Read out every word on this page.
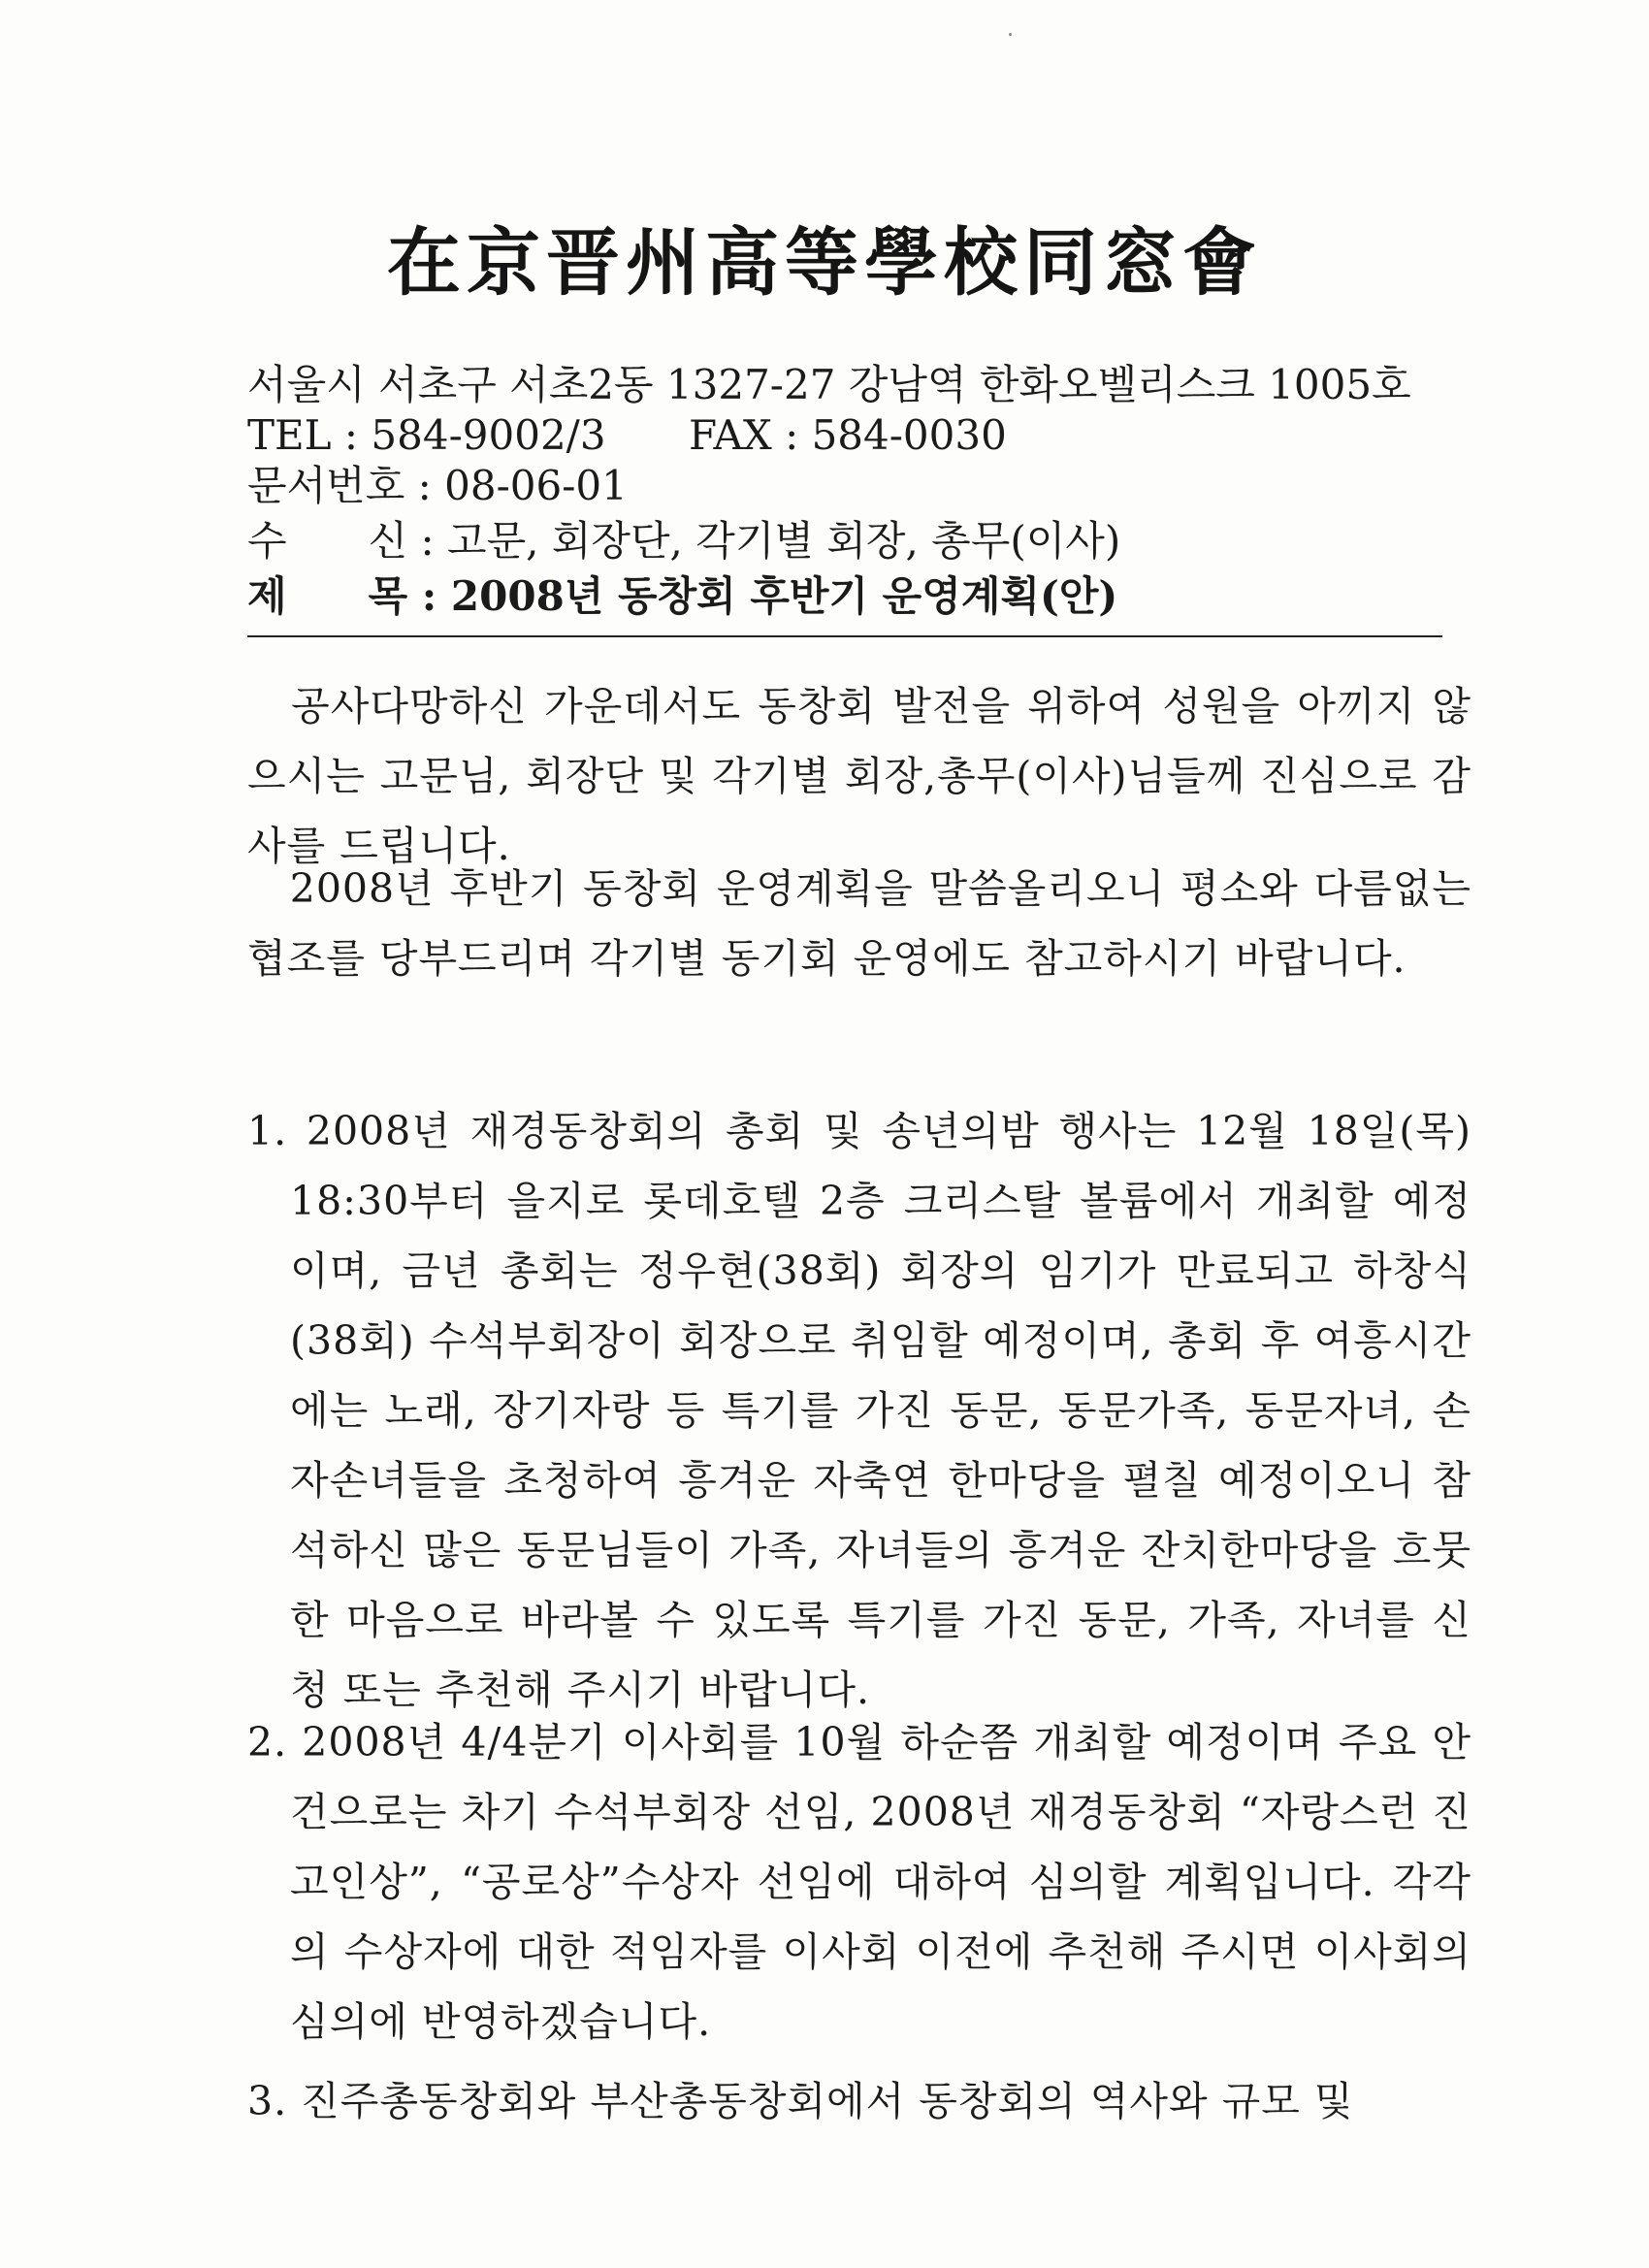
在京晋州高等學校同窓會
서울시 서초구 서초2동 1327-27 강남역 한화오벨리스크 1005호
TEL : 584-9002/3 FAX : 584-0030
문서번호 : 08-06-01
수　　신 : 고문, 회장단, 각기별 회장, 총무(이사)
제　　목 : 2008년 동창회 후반기 운영계획(안)
　공사다망하신 가운데서도 동창회 발전을 위하여 성원을 아끼지 않으시는 고문님, 회장단 및 각기별 회장,총무(이사)님들께 진심으로 감사를 드립니다.
　2008년 후반기 동창회 운영계획을 말씀올리오니 평소와 다름없는 협조를 당부드리며 각기별 동기회 운영에도 참고하시기 바랍니다.
1. 2008년 재경동창회의 총회 및 송년의밤 행사는 12월 18일(목) 18:30부터 을지로 롯데호텔 2층 크리스탈 볼륨에서 개최할 예정이며, 금년 총회는 정우현(38회) 회장의 임기가 만료되고 하창식(38회) 수석부회장이 회장으로 취임할 예정이며, 총회 후 여흥시간에는 노래, 장기자랑 등 특기를 가진 동문, 동문가족, 동문자녀, 손자손녀들을 초청하여 흥겨운 자축연 한마당을 펼칠 예정이오니 참석하신 많은 동문님들이 가족, 자녀들의 흥겨운 잔치한마당을 흐뭇한 마음으로 바라볼 수 있도록 특기를 가진 동문, 가족, 자녀를 신청 또는 추천해 주시기 바랍니다.
2. 2008년 4/4분기 이사회를 10월 하순쯤 개최할 예정이며 주요 안건으로는 차기 수석부회장 선임, 2008년 재경동창회 “자랑스런 진고인상”, “공로상”수상자 선임에 대하여 심의할 계획입니다. 각각의 수상자에 대한 적임자를 이사회 이전에 추천해 주시면 이사회의 심의에 반영하겠습니다.
3. 진주총동창회와 부산총동창회에서 동창회의 역사와 규모 및
